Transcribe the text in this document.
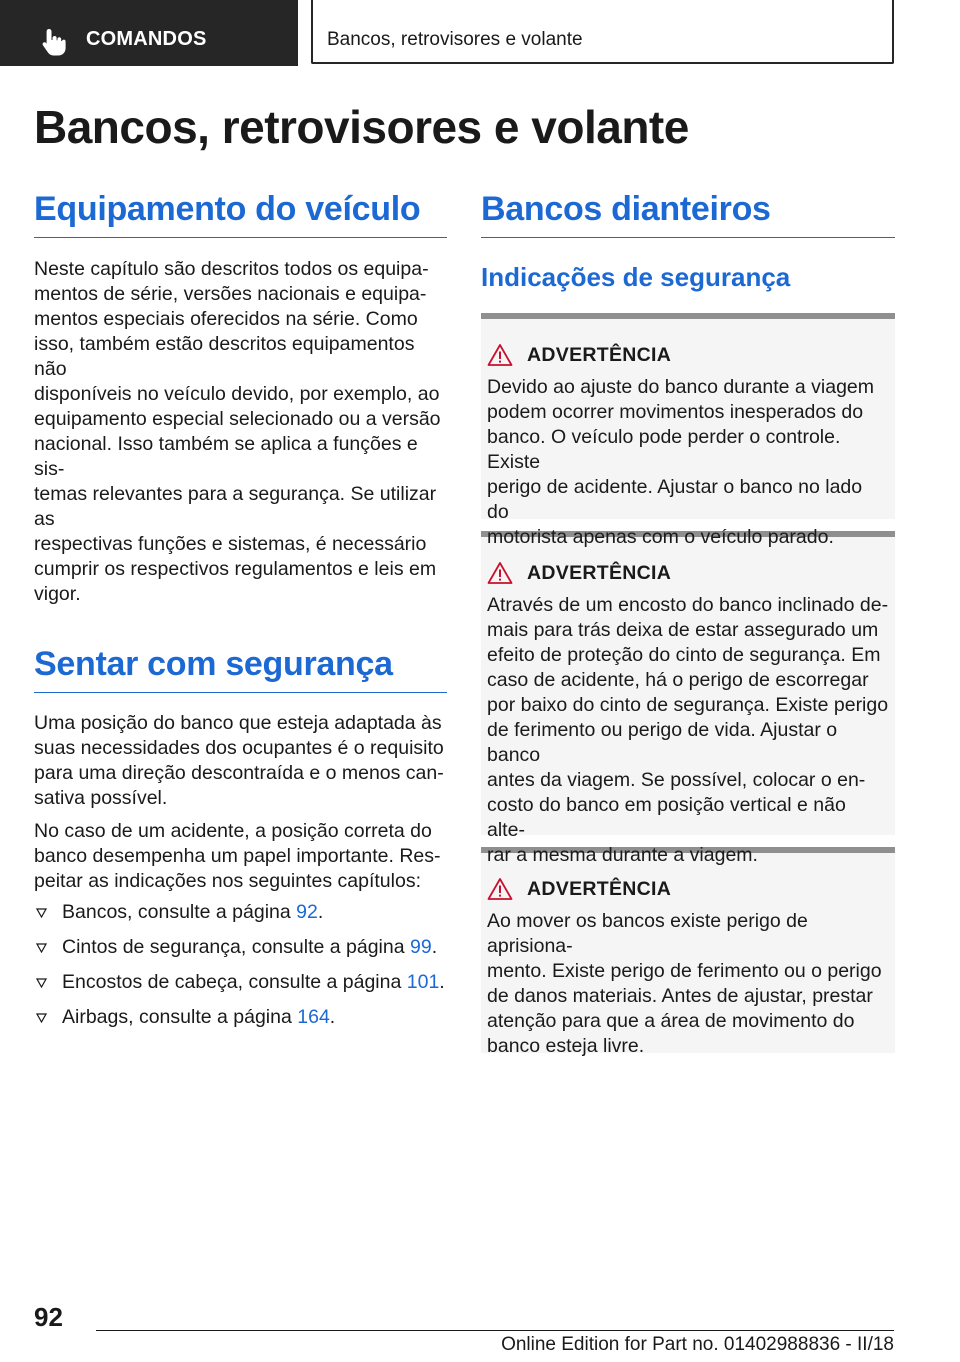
COMANDOS	Bancos, retrovisores e volante
Bancos, retrovisores e volante
Equipamento do veículo

Neste capítulo são descritos todos os equipa-
mentos de série, versões nacionais e equipa-
mentos especiais oferecidos na série. Como
isso, também estão descritos equipamentos não
disponíveis no veículo devido, por exemplo, ao
equipamento especial selecionado ou a versão
nacional. Isso também se aplica a funções e sis-
temas relevantes para a segurança. Se utilizar as
respectivas funções e sistemas, é necessário
cumprir os respectivos regulamentos e leis em
vigor.

Sentar com segurança

Uma posição do banco que esteja adaptada às
suas necessidades dos ocupantes é o requisito
para uma direção descontraída e o menos can-
sativa possível.

No caso de um acidente, a posição correta do
banco desempenha um papel importante. Res-
peitar as indicações nos seguintes capítulos:

Bancos, consulte a página 92.
Cintos de segurança, consulte a página 99.
Encostos de cabeça, consulte a página 101.
Airbags, consulte a página 164.
Bancos dianteiros
Indicações de segurança
ADVERTÊNCIA

Devido ao ajuste do banco durante a viagem
podem ocorrer movimentos inesperados do
banco. O veículo pode perder o controle. Existe
perigo de acidente. Ajustar o banco no lado do
motorista apenas com o veículo parado.

ADVERTÊNCIA

Através de um encosto do banco inclinado de-
mais para trás deixa de estar assegurado um
efeito de proteção do cinto de segurança. Em
caso de acidente, há o perigo de escorregar
por baixo do cinto de segurança. Existe perigo
de ferimento ou perigo de vida. Ajustar o banco
antes da viagem. Se possível, colocar o en-
costo do banco em posição vertical e não alte-
rar a mesma durante a viagem.

ADVERTÊNCIA

Ao mover os bancos existe perigo de aprisiona-
mento. Existe perigo de ferimento ou o perigo
de danos materiais. Antes de ajustar, prestar
atenção para que a área de movimento do
banco esteja livre.

92
Online Edition for Part no. 01402988836 - II/18
